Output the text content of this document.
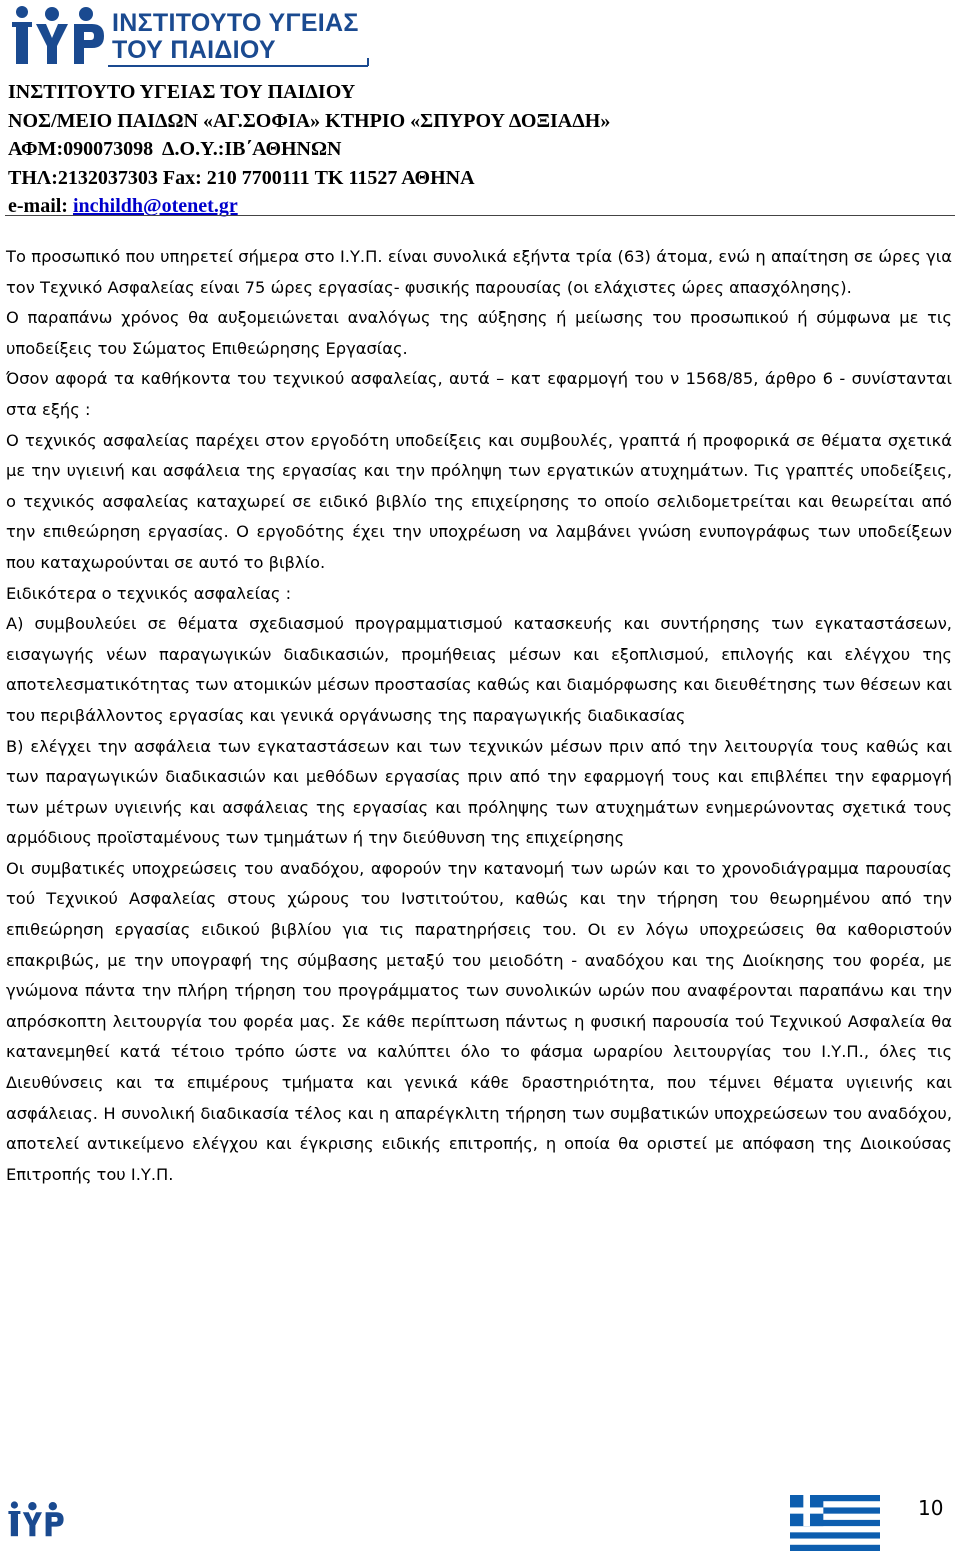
ΙΝΣΤΙΤΟΥΤΟ ΥΓΕΙΑΣ
ΤΟΥ ΠΑΙΔΙΟΥ
ΙΝΣΤΙΤΟΥΤΟ ΥΓΕΙΑΣ ΤΟΥ ΠΑΙΔΙΟΥ
ΝΟΣ/ΜΕΙΟ ΠΑΙΔΩΝ «ΑΓ.ΣΟΦΙΑ» ΚΤΗΡΙΟ «ΣΠΥΡΟΥ ΔΟΞΙΑΔΗ»
ΑΦΜ:090073098  Δ.Ο.Υ.:ΙΒ΄ΑΘΗΝΩΝ
ΤΗΛ:2132037303 Fax: 210 7700111 ΤΚ 11527 ΑΘΗΝΑ
e-mail: inchildh@otenet.gr

Το προσωπικό που υπηρετεί σήμερα στο Ι.Υ.Π. είναι συνολικά εξήντα τρία (63) άτομα, ενώ η απαίτηση σε ώρες για τον Τεχνικό Ασφαλείας είναι 75 ώρες εργασίας- φυσικής παρουσίας (οι ελάχιστες ώρες απασχόλησης).

Ο παραπάνω χρόνος θα αυξομειώνεται αναλόγως της αύξησης ή μείωσης του προσωπικού ή σύμφωνα με τις υποδείξεις του Σώματος Επιθεώρησης Εργασίας.

Όσον αφορά τα καθήκοντα του τεχνικού ασφαλείας, αυτά – κατ εφαρμογή του ν 1568/85, άρθρο 6 - συνίστανται στα εξής :

Ο τεχνικός ασφαλείας παρέχει στον εργοδότη υποδείξεις και συμβουλές, γραπτά ή προφορικά σε θέματα σχετικά με την υγιεινή και ασφάλεια της εργασίας και την πρόληψη των εργατικών ατυχημάτων. Τις γραπτές υποδείξεις, ο τεχνικός ασφαλείας καταχωρεί σε ειδικό βιβλίο της επιχείρησης το οποίο σελιδομετρείται και θεωρείται από την επιθεώρηση εργασίας. Ο εργοδότης έχει την υποχρέωση να λαμβάνει γνώση ενυπογράφως των υποδείξεων που καταχωρούνται σε αυτό το βιβλίο.

Ειδικότερα ο τεχνικός ασφαλείας :

Α) συμβουλεύει σε θέματα σχεδιασμού προγραμματισμού κατασκευής και συντήρησης των εγκαταστάσεων, εισαγωγής νέων παραγωγικών διαδικασιών, προμήθειας μέσων και εξοπλισμού, επιλογής και ελέγχου της αποτελεσματικότητας των ατομικών μέσων προστασίας καθώς και διαμόρφωσης και διευθέτησης των θέσεων και του περιβάλλοντος εργασίας και γενικά οργάνωσης της παραγωγικής διαδικασίας

Β) ελέγχει την ασφάλεια των εγκαταστάσεων και των τεχνικών μέσων πριν από την λειτουργία τους καθώς και των παραγωγικών διαδικασιών και μεθόδων εργασίας πριν από την εφαρμογή τους και επιβλέπει την εφαρμογή των μέτρων υγιεινής και ασφάλειας της εργασίας και πρόληψης των ατυχημάτων ενημερώνοντας σχετικά τους αρμόδιους προϊσταμένους των τμημάτων ή την διεύθυνση της επιχείρησης

Οι συμβατικές υποχρεώσεις του αναδόχου, αφορούν την κατανομή των ωρών και το χρονοδιάγραμμα παρουσίας τού Τεχνικού Ασφαλείας στους χώρους του Ινστιτούτου, καθώς και την τήρηση του θεωρημένου από την επιθεώρηση εργασίας ειδικού βιβλίου για τις παρατηρήσεις του. Οι εν λόγω υποχρεώσεις θα καθοριστούν επακριβώς, με την υπογραφή της σύμβασης μεταξύ του μειοδότη - αναδόχου και της Διοίκησης του φορέα, με γνώμονα πάντα την πλήρη τήρηση του προγράμματος των συνολικών ωρών που αναφέρονται παραπάνω και την απρόσκοπτη λειτουργία του φορέα μας. Σε κάθε περίπτωση πάντως η φυσική παρουσία τού Τεχνικού Ασφαλεία θα κατανεμηθεί κατά τέτοιο τρόπο ώστε να καλύπτει όλο το φάσμα ωραρίου λειτουργίας του Ι.Υ.Π., όλες τις Διευθύνσεις και τα επιμέρους τμήματα και γενικά κάθε δραστηριότητα, που τέμνει θέματα υγιεινής και ασφάλειας. Η συνολική διαδικασία τέλος και η απαρέγκλιτη τήρηση των συμβατικών υποχρεώσεων του αναδόχου, αποτελεί αντικείμενο ελέγχου και έγκρισης ειδικής επιτροπής, η οποία θα οριστεί με απόφαση της Διοικούσας Επιτροπής του Ι.Υ.Π.

10
